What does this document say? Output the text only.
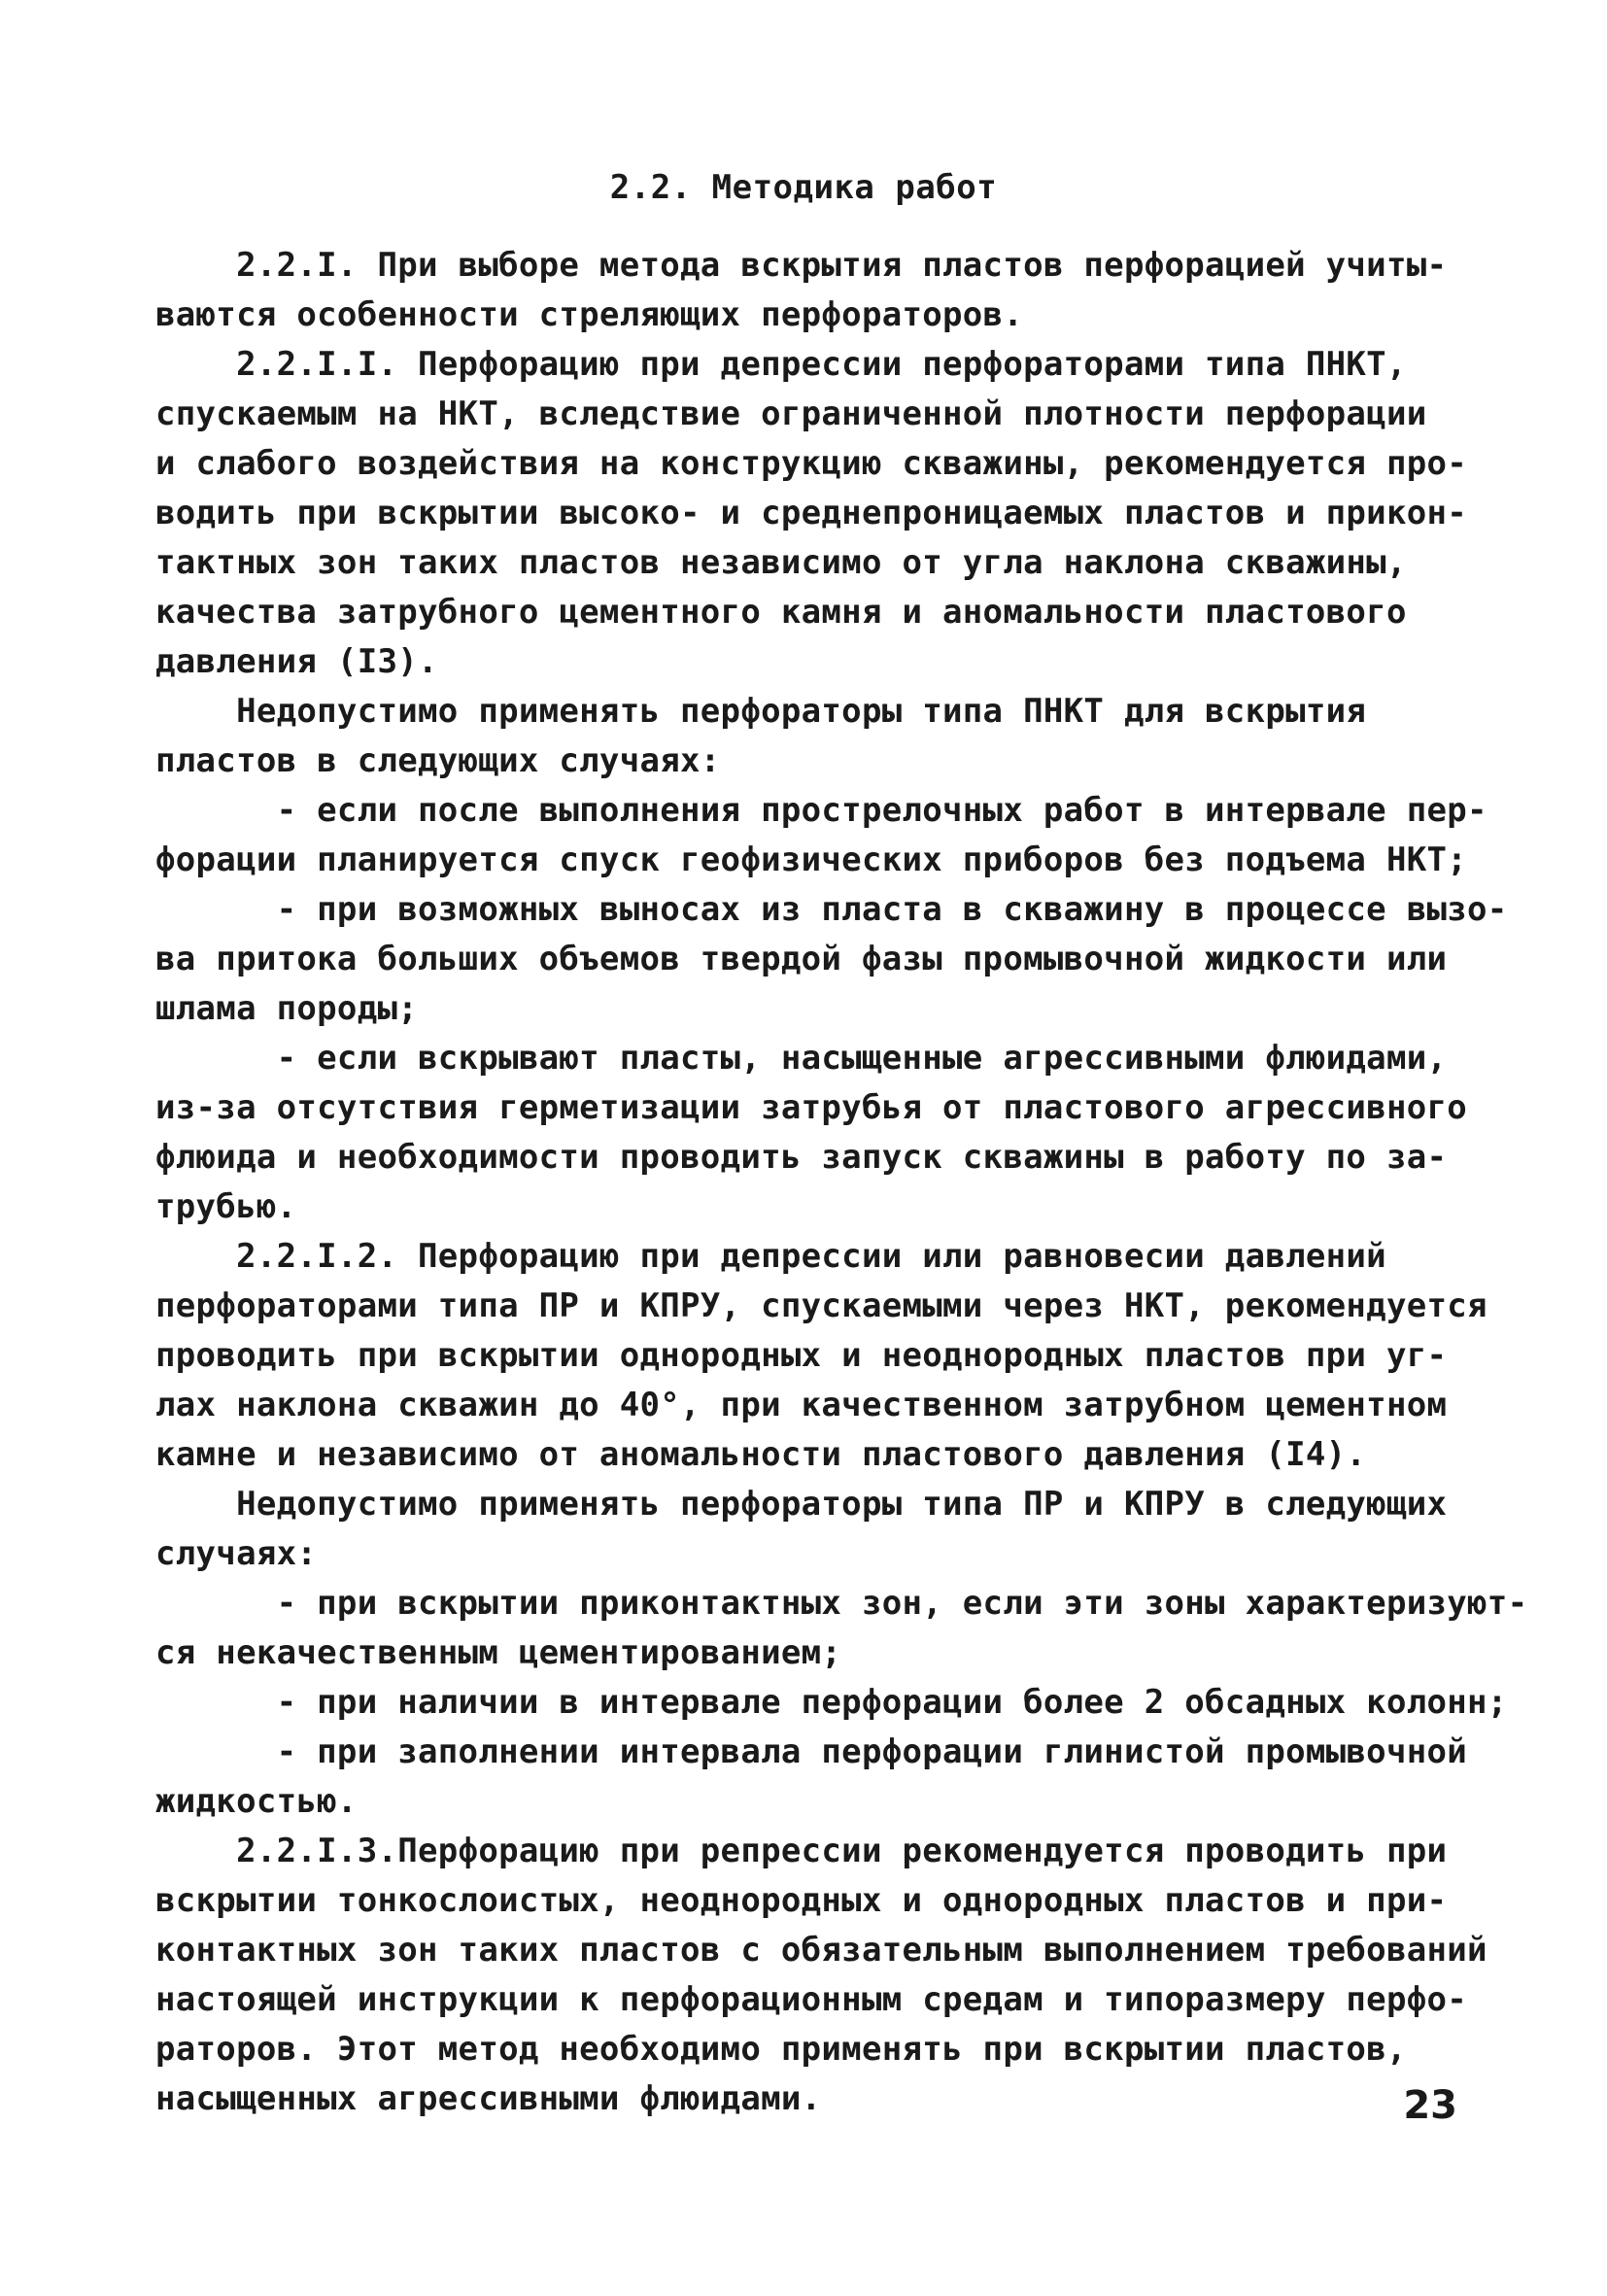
2.2. Методика работ
2.2.I. При выборе метода вскрытия пластов перфорацией учиты-
ваются особенности стреляющих перфораторов.
2.2.I.I. Перфорацию при депрессии перфораторами типа ПНКТ,
спускаемым на НКТ, вследствие ограниченной плотности перфорации
и слабого воздействия на конструкцию скважины, рекомендуется про-
водить при вскрытии высоко- и среднепроницаемых пластов и прикон-
тактных зон таких пластов независимо от угла наклона скважины,
качества затрубного цементного камня и аномальности пластового
давления (I3).
Недопустимо применять перфораторы типа ПНКТ для вскрытия
пластов в следующих случаях:
- если после выполнения прострелочных работ в интервале пер-
форации планируется спуск геофизических приборов без подъема НКТ;
- при возможных выносах из пласта в скважину в процессе вызо-
ва притока больших объемов твердой фазы промывочной жидкости или
шлама породы;
- если вскрывают пласты, насыщенные агрессивными флюидами,
из-за отсутствия герметизации затрубья от пластового агрессивного
флюида и необходимости проводить запуск скважины в работу по за-
трубью.
2.2.I.2. Перфорацию при депрессии или равновесии давлений
перфораторами типа ПР и КПРУ, спускаемыми через НКТ, рекомендуется
проводить при вскрытии однородных и неоднородных пластов при уг-
лах наклона скважин до 40°, при качественном затрубном цементном
камне и независимо от аномальности пластового давления (I4).
Недопустимо применять перфораторы типа ПР и КПРУ в следующих
случаях:
- при вскрытии приконтактных зон, если эти зоны характеризуют-
ся некачественным цементированием;
- при наличии в интервале перфорации более 2 обсадных колонн;
- при заполнении интервала перфорации глинистой промывочной
жидкостью.
2.2.I.3.Перфорацию при репрессии рекомендуется проводить при
вскрытии тонкослоистых, неоднородных и однородных пластов и при-
контактных зон таких пластов с обязательным выполнением требований
настоящей инструкции к перфорационным средам и типоразмеру перфо-
раторов. Этот метод необходимо применять при вскрытии пластов,
насыщенных агрессивными флюидами.	23
